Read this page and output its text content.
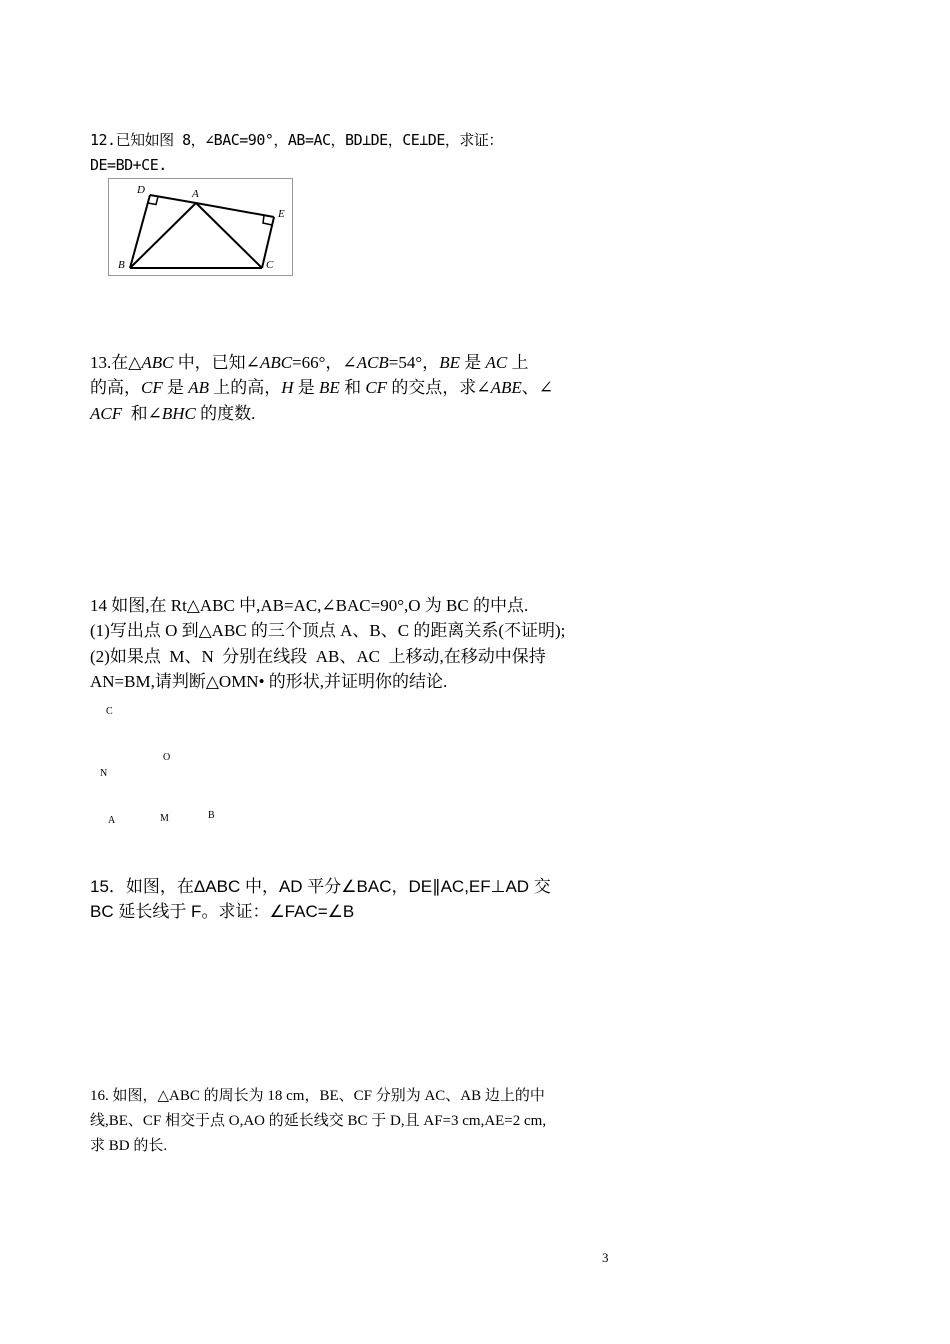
12.已知如图 8，∠BAC=90°，AB=AC，BD⊥DE，CE⊥DE，求证：
DE=BD+CE.
D	A
E
B	C
13.在△ABC 中，已知∠ABC=66°，∠ACB=54°，BE 是 AC 上
的高，CF 是 AB 上的高，H 是 BE 和 CF 的交点，求∠ABE、∠
ACF  和∠BHC 的度数.
14 如图,在 Rt△ABC 中,AB=AC,∠BAC=90°,O 为 BC 的中点.
(1)写出点 O 到△ABC 的三个顶点 A、B、C 的距离关系(不证明);
(2)如果点  M、N  分别在线段  AB、AC  上移动,在移动中保持
AN=BM,请判断△OMN• 的形状,并证明你的结论.
C
O
N
A	M	B
15．如图，在ΔABC 中，AD 平分∠BAC，DE∥AC,EF⊥AD 交
BC 延长线于 F。求证：∠FAC=∠B
16. 如图，△ABC 的周长为 18 cm，BE、CF 分别为 AC、AB 边上的中
线,BE、CF 相交于点 O,AO 的延长线交 BC 于 D,且 AF=3 cm,AE=2 cm,
求 BD 的长.
3
